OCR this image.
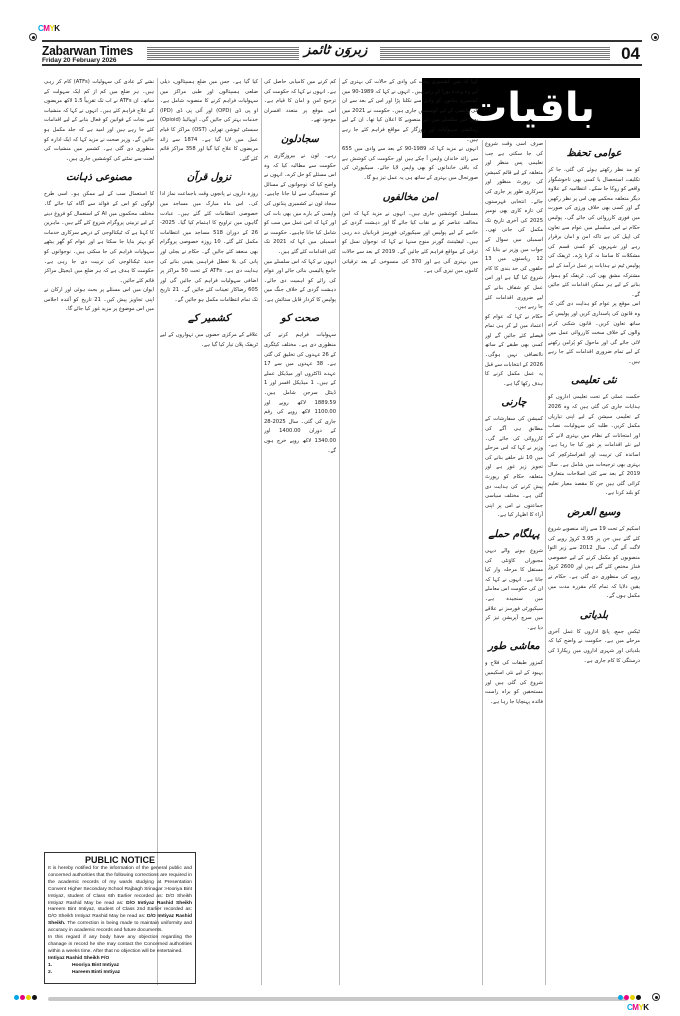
CMYK
Zabarwan Times
Friday 20 February 2026
زبروَن ٹائمز	04
باقیات
عوامی تحفظ

کو مد نظر رکھتے ہوئے کی گئی، جا کر تکلیف، استحصال یا کسی بھی ناخوشگوار واقعے کو روکا جا سکے۔ انتظامیہ کے علاوہ دیگر متعلقہ محکمے بھی اس پر نظر رکھیں گے اور کسی بھی خلاف ورزی کی صورت میں فوری کارروائی کی جائے گی۔ پولیس حکام نے اس سلسلے میں عوام سے تعاون کی اپیل کی ہے تاکہ امن و امان برقرار رہے اور شہریوں کو کسی قسم کی مشکلات کا سامنا نہ کرنا پڑے۔ ٹریفک کی پولیس ٹیم نے ہدایات پر عمل درآمد کے لیے مشترکہ مشق بھی کی۔ ٹریفک کو ہموار بنانے کے لیے ہر ممکن اقدامات کئے جائیں گے۔

اس موقع پر عوام کو ہدایت دی گئی کہ وہ قانون کی پاسداری کریں اور پولیس کے ساتھ تعاون کریں۔ قانون شکنی کرنے والوں کے خلاف سخت کارروائی عمل میں لائی جائے گی اور ماحول کو پُرامن رکھنے کے لیے تمام ضروری اقدامات کئے جا رہے ہیں۔

نئی تعلیمی

حکمت عملی کے تحت تعلیمی اداروں کو ہدایات جاری کی گئی ہیں کہ وہ 2026 کے تعلیمی سیشن کے لیے اپنی تیاریاں مکمل کریں۔ طلبہ کی سہولیات، نصاب اور امتحانات کے نظام میں بہتری لانے کے لیے نئے اقدامات پر غور کیا جا رہا ہے۔ اساتذہ کی تربیت اور انفراسٹرکچر کی بہتری بھی ترجیحات میں شامل ہے۔ سال 2019 کے بعد سے کئی اصلاحات متعارف کرائی گئی ہیں جن کا مقصد معیار تعلیم کو بلند کرنا ہے۔

وسیع العرض

اسکیم کے تحت 19 سے زائد منصوبے شروع کئے گئے ہیں جن پر 3.95 کروڑ روپے کی لاگت آئے گی۔ سال 2012 سے زیر التوا منصوبوں کو مکمل کرنے کے لیے خصوصی فنڈز مختص کئے گئے ہیں اور 2600 کروڑ روپے کی منظوری دی گئی ہے۔ حکام نے یقین دلایا کہ تمام کام مقررہ مدت میں مکمل ہوں گے۔

بلدیاتی

ٹیکس جمع، پانچ اداروں کا عمل آخری مرحلے میں ہے۔ حکومت نے واضح کیا کہ بلدیاتی اور شہری اداروں میں ریکارڈ کی درستگی کا کام جاری ہے۔

صرف اسی وقت شروع کی جا سکتی ہے جب تعلیمی پس منظر اور متعلقہ کے لیے قائم کمیشن کی رپورٹ منظور اور سرکاری طور پر جاری کی جائے۔ انتخابی فہرستوں کی تازہ کاری بھی نومبر 2025 کی آخری تاریخ تک مکمل کی جانی تھی۔ اسمبلی میں سوال کے جواب میں وزیر نے بتایا کہ 12 ریاستوں میں 13 حلقوں کی حد بندی کا کام شروع کیا گیا ہے اور اس عمل کو شفاف بنانے کے لیے ضروری اقدامات کئے جا رہے ہیں۔

حکام نے کہا کہ عوام کو اعتماد میں لے کر ہی تمام فیصلے کئے جائیں گے اور کسی بھی طبقے کے ساتھ ناانصافی نہیں ہوگی۔ 2026 کے انتخابات سے قبل یہ عمل مکمل کرنے کا ہدف رکھا گیا ہے۔

چارنی

کمیشن کی سفارشات کے مطابق ہی آگے کی کارروائی کی جائے گی۔ وزیر نے کہا کہ اس مرحلے میں 10 نئے حلقے بنانے کی تجویز زیر غور ہے اور متعلقہ حکام کو رپورٹ پیش کرنے کی ہدایت دی گئی ہے۔ مختلف سیاسی جماعتوں نے اس پر اپنی آراء کا اظہار کیا ہے۔

پہلگام حملے

شروع ہونے والے دیہی مجبوراں کاؤنٹی کی مستقل کا مرحلہ وار کیا جانا ہے۔ انہوں نے کہا کہ ان کی حکومت اس معاملے میں سنجیدہ ہے۔ سیکیورٹی فورسز نے علاقے میں سرچ آپریشن تیز کر دیا ہے۔

معاشی طور

کمزور طبقات کی فلاح و بہبود کے لیے نئی اسکیمیں شروع کی گئی ہیں اور مستحقین کو براہ راست فائدہ پہنچایا جا رہا ہے۔

کہا کہ میں کشمیری پنڈت کی وادی کے حالات کی بہتری کے لیے وہ وعدہ پورا کر رہے ہیں۔ انہوں نے کہا کہ 1989-90 میں کشمیری پنڈتوں کو وادی سے نکلنا پڑا اور اس کے بعد سے ان کی واپسی کے لیے کوششیں جاری ہیں۔ حکومت نے 2021 میں بھی اس سلسلے میں نئے منصوبے کا اعلان کیا تھا۔ ان کے لیے رہائشی سہولیات اور روزگار کے مواقع فراہم کئے جا رہے ہیں۔

انہوں نے مزید کہا کہ 1989-90 کے بعد سے وادی میں 655 سے زائد خاندان واپس آ چکے ہیں اور حکومت کی کوشش ہے کہ باقی خاندانوں کو بھی واپس لایا جائے۔ سیکیورٹی کی صورتحال میں بہتری کے ساتھ ہی یہ عمل تیز ہو گا۔

امن مخالفوں

مسلسل کوششیں جاری ہیں۔ انہوں نے مزید کہا کہ امن مخالف عناصر کو بے نقاب کیا جائے گا اور دہشت گردی کے خاتمے کے لیے پولیس اور سیکیورٹی فورسز قربانیاں دے رہی ہیں۔ لیفٹیننٹ گورنر منوج سنہا نے کہا کہ نوجوان نسل کو ترقی کے مواقع فراہم کئے جائیں گے۔ 2019 کے بعد سے حالات میں بہتری آئی ہے اور 370 کی منسوخی کے بعد ترقیاتی کاموں میں تیزی آئی ہے۔

کم کرنے میں کامیابی حاصل کی ہے۔ انہوں نے کہا کہ حکومت کی ترجیح امن و امان کا قیام ہے۔ اس موقع پر متعدد افسران موجود تھے۔

سجادلون

رہے۔ لون نے بیروزگاری پر حکومت سے مطالبہ کیا کہ وہ اس مسئلے کو حل کرے۔ انہوں نے واضح کیا کہ نوجوانوں کے مسائل کو سنجیدگی سے لیا جانا چاہیے۔ سجاد لون نے کشمیری پنڈتوں کی واپسی کے بارے میں بھی بات کی اور کہا کہ اس عمل میں سب کو شامل کیا جانا چاہیے۔ حکومت نے اسمبلی میں کہا کہ 2021 تک کئی اقدامات کئے گئے ہیں۔

انہوں نے کہا کہ اس سلسلے میں جامع پالیسی بنائی جائے اور عوام کی رائے کو اہمیت دی جائے۔ دہشت گردی کے خلاف جنگ میں پولیس کا کردار قابل ستائش ہے۔

صحت کو

سہولیات فراہم کرنے کی منظوری دی ہے۔ مختلف کیٹگری کے 26 عہدوں کی تخلیق کی گئی ہے۔ 38 عہدوں میں سے 17 عہدے ڈاکٹروں اور میڈیکل عملے کے ہیں۔ 1 میڈیکل افسر اور 1 ڈینٹل سرجن شامل ہیں۔ 1889.59 لاکھ روپے اور 1100.00 لاکھ روپے کی رقم جاری کی گئی۔ سال 2025-28 کے دوران 1400.00 اور 1340.00 لاکھ روپے خرچ ہوں گے۔

کیا گیا ہے۔ جس میں ضلع ہسپتالوں، ذیلی ضلعی ہسپتالوں اور طبی مراکز میں سہولیات فراہم کرنے کا منصوبہ شامل ہے۔ او پی ڈی (OPD) اور آئی پی ڈی (IPD) خدمات بہتر کی جائیں گی۔ اوپیائیڈ (Opioid) سبسٹی ٹیوشن تھراپی (OST) مراکز کا قیام عمل میں لایا گیا ہے۔ 1874 سے زائد مریضوں کا علاج کیا گیا اور 358 مراکز قائم کئے گئے۔

نزول قرآن

روزہ داروں نے پانچوں وقت باجماعت نماز ادا کی۔ اس ماہ مبارک میں مساجد میں خصوصی انتظامات کئے گئے ہیں۔ عبادت گاہوں میں تراویح کا اہتمام کیا گیا۔ 2025-26 کے دوران 518 مساجد میں انتظامات مکمل کئے گئے۔ 10 روزہ خصوصی پروگرام بھی منعقد کئے جائیں گے۔ حکام نے بجلی اور پانی کی بلا تعطل فراہمی یقینی بنانے کی ہدایت دی ہے۔ ATFs کے تحت 50 مراکز پر اضافی سہولیات فراہم کی جائیں گی اور 605 رضاکار تعینات کئے جائیں گے۔ 21 تاریخ تک تمام انتظامات مکمل ہو جائیں گے۔

کشمیر کے

علاقے کے مرکزی حصوں میں تہواروں کے لیے ٹریفک پلان تیار کیا گیا ہے۔

نشے کے عادی کی سہولیات (ATFs) کام کر رہی ہیں۔ ہر ضلع میں کم از کم ایک سہولت کے ساتھ۔ ان ATFs نے اب تک تقریباً 1.5 لاکھ مریضوں کے علاج فراہم کئے ہیں۔ انہوں نے کہا کہ منشیات سے نجات کے قوانین کو فعال بنانے کے لیے اقدامات کئے جا رہے ہیں اور امید ہے کہ جلد مکمل ہو جائیں گے۔ وزیر صحت نے مزید کہا کہ ایک ادارہ کو منظوری دی گئی ہے۔ کشمیر میں منشیات کی لعنت سے نمٹنے کی کوششیں جاری ہیں۔

مصنوعی ذہانت

کا استعمال سب کے لیے ممکن ہو۔ اسی طرح لوگوں کو اس کے فوائد سے آگاہ کیا جائے گا۔ مختلف محکموں میں AI کے استعمال کو فروغ دینے کے لیے تربیتی پروگرام شروع کئے گئے ہیں۔ ماہرین کا کہنا ہے کہ ٹیکنالوجی کے ذریعے سرکاری خدمات کو بہتر بنایا جا سکتا ہے اور عوام کو گھر بیٹھے سہولیات فراہم کی جا سکتی ہیں۔ نوجوانوں کو جدید ٹیکنالوجی کی تربیت دی جا رہی ہے۔ حکومت کا ہدف ہے کہ ہر ضلع میں ڈیجیٹل مراکز قائم کئے جائیں۔

ایوان میں اس مسئلے پر بحث ہوئی اور ارکان نے اپنی تجاویز پیش کیں۔ 21 تاریخ کو آئندہ اجلاس میں اس موضوع پر مزید غور کیا جائے گا۔

PUBLIC NOTICE
It is hereby notified for the information of the general public and concerned authorities that the following corrections are required in the academic records of my wards studying at Presentation Convent Higher Secondary School Rajbagh Srinagar :Hooriya Bint Imtiyaz, student of Class 6th Earlier recorded as: D/O Sheikh Imtiyaz Rashid May be read as: D/O Imtiyaz Rashid Sheikh Hareem Bint Imtiyaz, student of Class 2nd Earlier recorded as: D/O Sheikh Imtiyaz Rashid May be read as: D/O Imtiyaz Rashid Sheikh. The correction is being made to maintain uniformity and accuracy in academic records and future documents.
In this regard if any body have any objection regarding the chanage in record he she may contact the Concerned authorities within a weeks time. After that no objection will be entertained.
Imtiyaz Rashid Sheikh F/O
1.	Hooriya Bint Imtiyaz
2.	Hareem Binti Imtiyaz
CMYK
